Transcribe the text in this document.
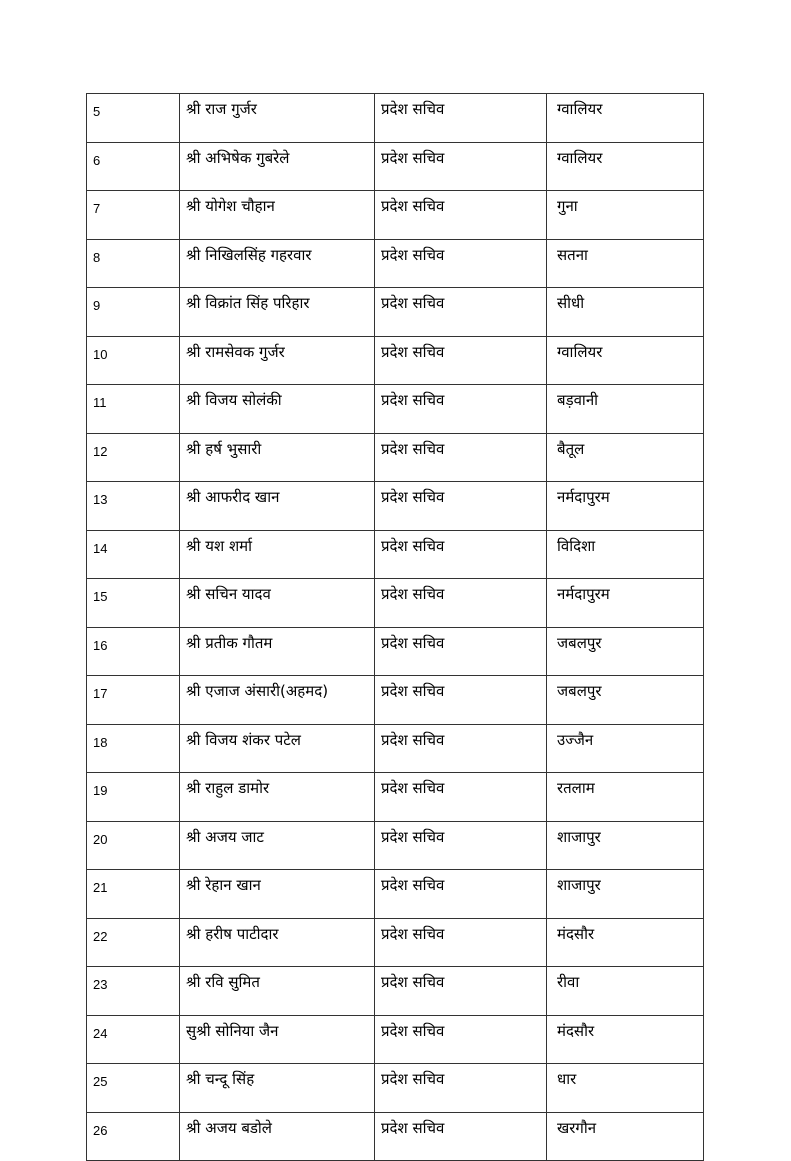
5	श्री राज गुर्जर	प्रदेश सचिव	ग्वालियर
6	श्री अभिषेक गुबरेले	प्रदेश सचिव	ग्वालियर
7	श्री योगेश चौहान	प्रदेश सचिव	गुना
8	श्री निखिलसिंह गहरवार	प्रदेश सचिव	सतना
9	श्री विक्रांत सिंह परिहार	प्रदेश सचिव	सीधी
10	श्री रामसेवक गुर्जर	प्रदेश सचिव	ग्वालियर
11	श्री विजय सोलंकी	प्रदेश सचिव	बड़वानी
12	श्री हर्ष भुसारी	प्रदेश सचिव	बैतूल
13	श्री आफरीद खान	प्रदेश सचिव	नर्मदापुरम
14	श्री यश शर्मा	प्रदेश सचिव	विदिशा
15	श्री सचिन यादव	प्रदेश सचिव	नर्मदापुरम
16	श्री प्रतीक गौतम	प्रदेश सचिव	जबलपुर
17	श्री एजाज अंसारी(अहमद)	प्रदेश सचिव	जबलपुर
18	श्री विजय शंकर पटेल	प्रदेश सचिव	उज्जैन
19	श्री राहुल डामोर	प्रदेश सचिव	रतलाम
20	श्री अजय जाट	प्रदेश सचिव	शाजापुर
21	श्री रेहान खान	प्रदेश सचिव	शाजापुर
22	श्री हरीष पाटीदार	प्रदेश सचिव	मंदसौर
23	श्री रवि सुमित	प्रदेश सचिव	रीवा
24	सुश्री सोनिया जैन	प्रदेश सचिव	मंदसौर
25	श्री चन्दू सिंह	प्रदेश सचिव	धार
26	श्री अजय बडोले	प्रदेश सचिव	खरगौन
